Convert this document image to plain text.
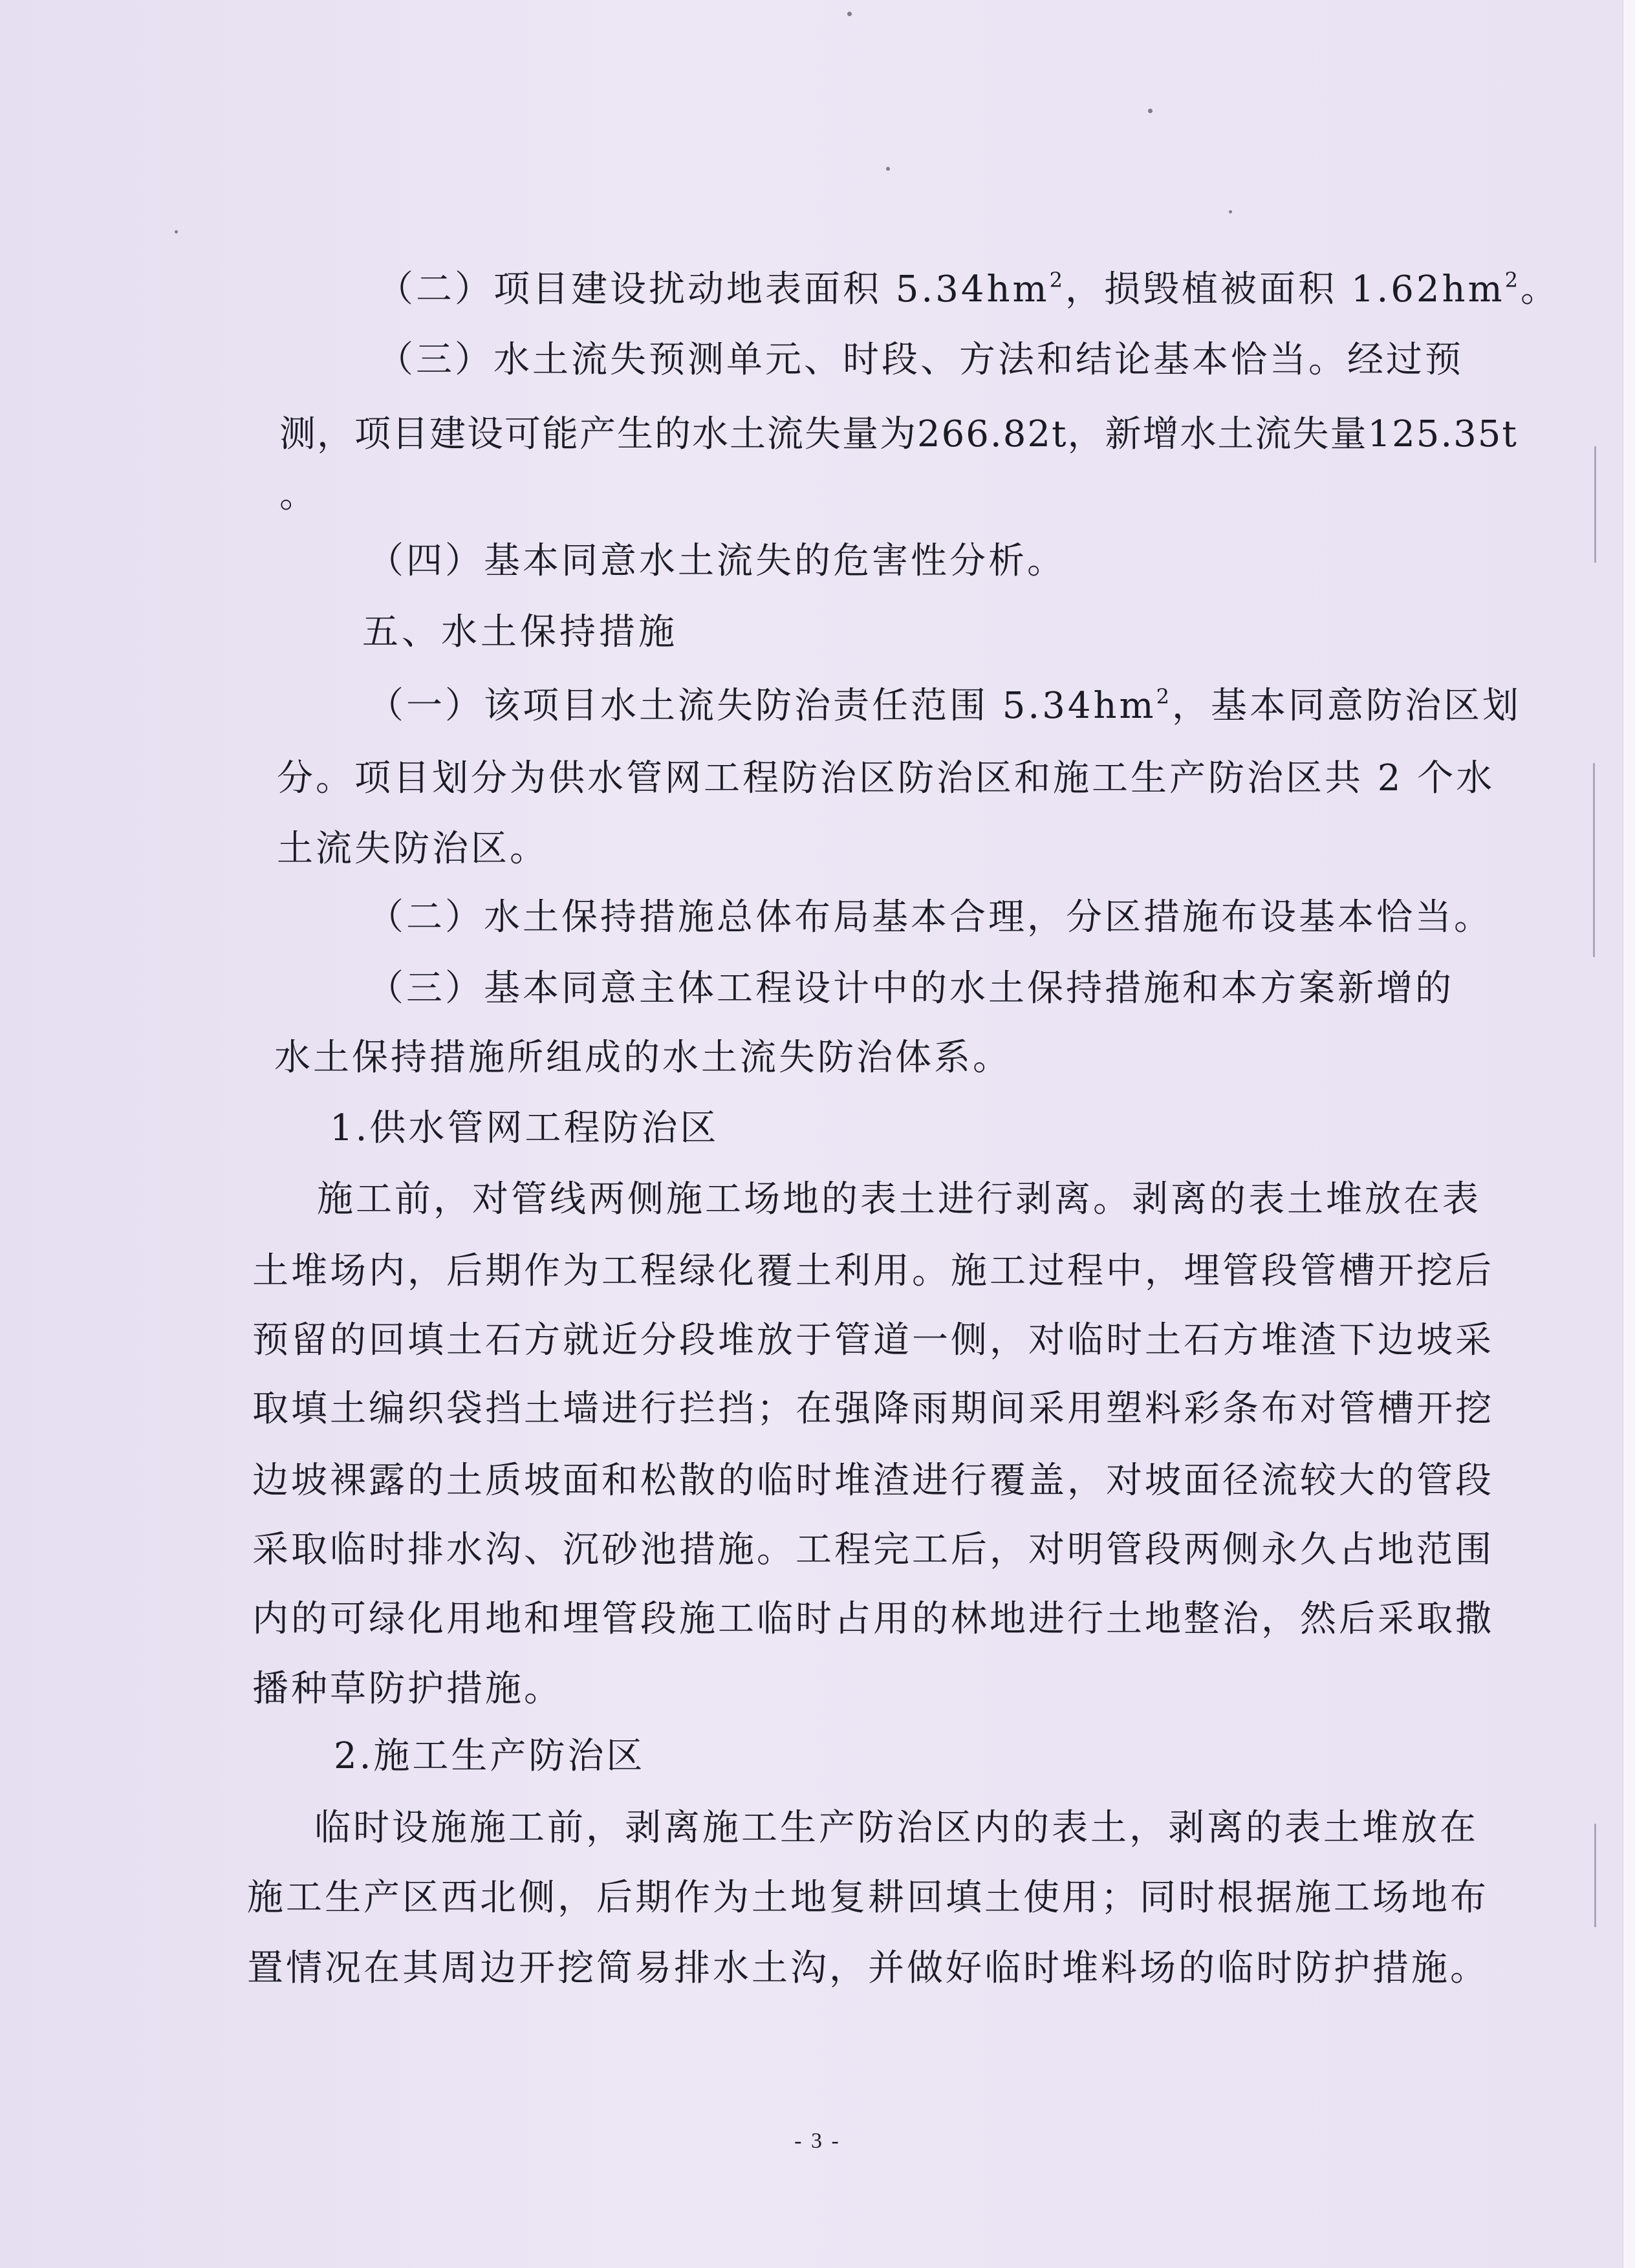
（二）项目建设扰动地表面积 $5.34hm^2$，损毁植被面积 $1.62hm^2$。
（三）水土流失预测单元、时段、方法和结论基本恰当。经过预
测，项目建设可能产生的水土流失量为266.82t，新增水土流失量125.35t
。
（四）基本同意水土流失的危害性分析。
五、水土保持措施
（一）该项目水土流失防治责任范围 $5.34hm^2$，基本同意防治区划
分。项目划分为供水管网工程防治区防治区和施工生产防治区共 2 个水
土流失防治区。
（二）水土保持措施总体布局基本合理，分区措施布设基本恰当。
（三）基本同意主体工程设计中的水土保持措施和本方案新增的
水土保持措施所组成的水土流失防治体系。
1.供水管网工程防治区
施工前，对管线两侧施工场地的表土进行剥离。剥离的表土堆放在表
土堆场内，后期作为工程绿化覆土利用。施工过程中，埋管段管槽开挖后
预留的回填土石方就近分段堆放于管道一侧，对临时土石方堆渣下边坡采
取填土编织袋挡土墙进行拦挡；在强降雨期间采用塑料彩条布对管槽开挖
边坡裸露的土质坡面和松散的临时堆渣进行覆盖，对坡面径流较大的管段
采取临时排水沟、沉砂池措施。工程完工后，对明管段两侧永久占地范围
内的可绿化用地和埋管段施工临时占用的林地进行土地整治，然后采取撒
播种草防护措施。
2.施工生产防治区
临时设施施工前，剥离施工生产防治区内的表土，剥离的表土堆放在
施工生产区西北侧，后期作为土地复耕回填土使用；同时根据施工场地布
置情况在其周边开挖简易排水土沟，并做好临时堆料场的临时防护措施。
- 3 -
